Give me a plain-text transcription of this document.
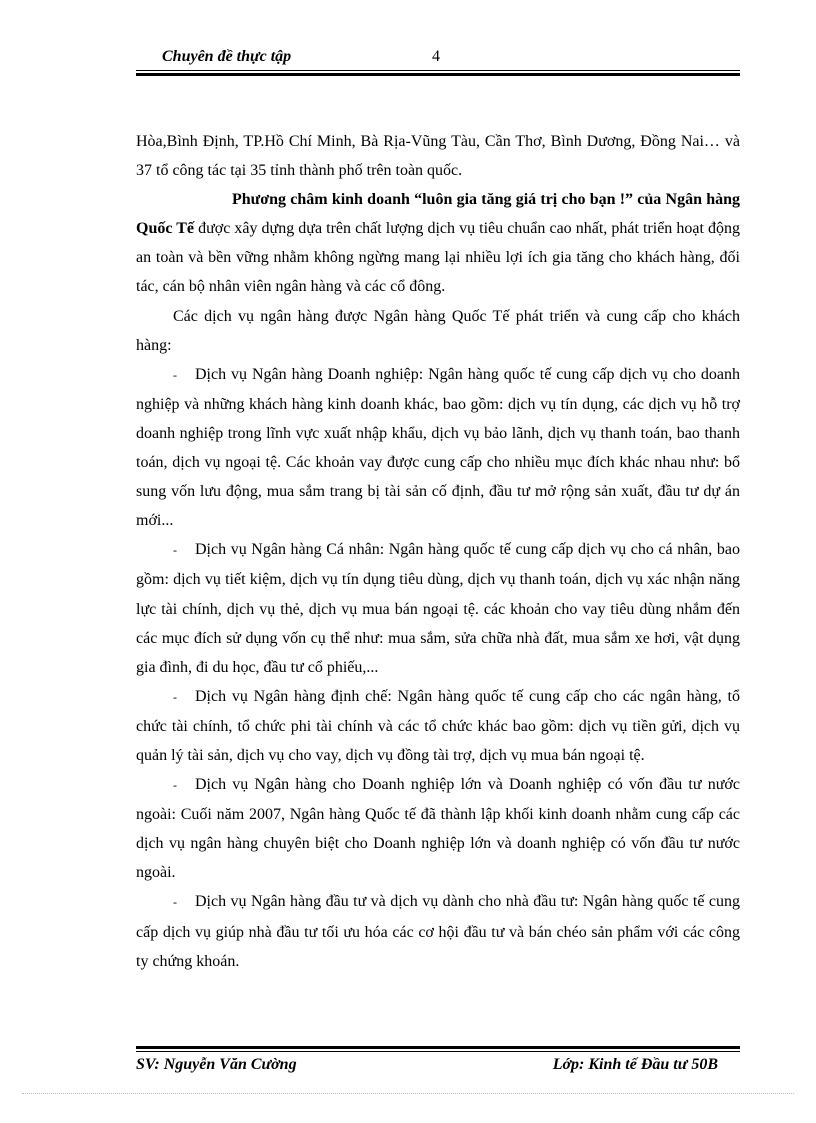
Chuyên đề thực tập	4

Hòa,Bình Định, TP.Hồ Chí Minh, Bà Rịa-Vũng Tàu, Cần Thơ, Bình Dương, Đồng Nai… và 37 tổ công tác tại 35 tỉnh thành phố trên toàn quốc.

Phương châm kinh doanh “luôn gia tăng giá trị cho bạn !” của Ngân hàng Quốc Tế được xây dựng dựa trên chất lượng dịch vụ tiêu chuẩn cao nhất, phát triển hoạt động an toàn và bền vững nhằm không ngừng mang lại nhiều lợi ích gia tăng cho khách hàng, đối tác, cán bộ nhân viên ngân hàng và các cổ đông.

Các dịch vụ ngân hàng được Ngân hàng Quốc Tế phát triển và cung cấp cho khách hàng:

- Dịch vụ Ngân hàng Doanh nghiệp: Ngân hàng quốc tế cung cấp dịch vụ cho doanh nghiệp và những khách hàng kinh doanh khác, bao gồm: dịch vụ tín dụng, các dịch vụ hỗ trợ doanh nghiệp trong lĩnh vực xuất nhập khẩu, dịch vụ bảo lãnh, dịch vụ thanh toán, bao thanh toán, dịch vụ ngoại tệ. Các khoản vay được cung cấp cho nhiều mục đích khác nhau như: bổ sung vốn lưu động, mua sắm trang bị tài sản cố định, đầu tư mở rộng sản xuất, đầu tư dự án mới...

- Dịch vụ Ngân hàng Cá nhân: Ngân hàng quốc tế cung cấp dịch vụ cho cá nhân, bao gồm: dịch vụ tiết kiệm, dịch vụ tín dụng tiêu dùng, dịch vụ thanh toán, dịch vụ xác nhận năng lực tài chính, dịch vụ thẻ, dịch vụ mua bán ngoại tệ. các khoản cho vay tiêu dùng nhắm đến các mục đích sử dụng vốn cụ thể như: mua sắm, sửa chữa nhà đất, mua sắm xe hơi, vật dụng gia đình, đi du học, đầu tư cổ phiếu,...

- Dịch vụ Ngân hàng định chế: Ngân hàng quốc tế cung cấp cho các ngân hàng, tổ chức tài chính, tổ chức phi tài chính và các tổ chức khác bao gồm: dịch vụ tiền gửi, dịch vụ quản lý tài sản, dịch vụ cho vay, dịch vụ đồng tài trợ, dịch vụ mua bán ngoại tệ.

- Dịch vụ Ngân hàng cho Doanh nghiệp lớn và Doanh nghiệp có vốn đầu tư nước ngoài: Cuối năm 2007, Ngân hàng Quốc tế đã thành lập khối kinh doanh nhằm cung cấp các dịch vụ ngân hàng chuyên biệt cho Doanh nghiệp lớn và doanh nghiệp có vốn đầu tư nước ngoài.

- Dịch vụ Ngân hàng đầu tư và dịch vụ dành cho nhà đầu tư: Ngân hàng quốc tế cung cấp dịch vụ giúp nhà đầu tư tối ưu hóa các cơ hội đầu tư và bán chéo sản phẩm với các công ty chứng khoán.

SV: Nguyễn Văn Cường	Lớp: Kinh tế Đầu tư 50B
